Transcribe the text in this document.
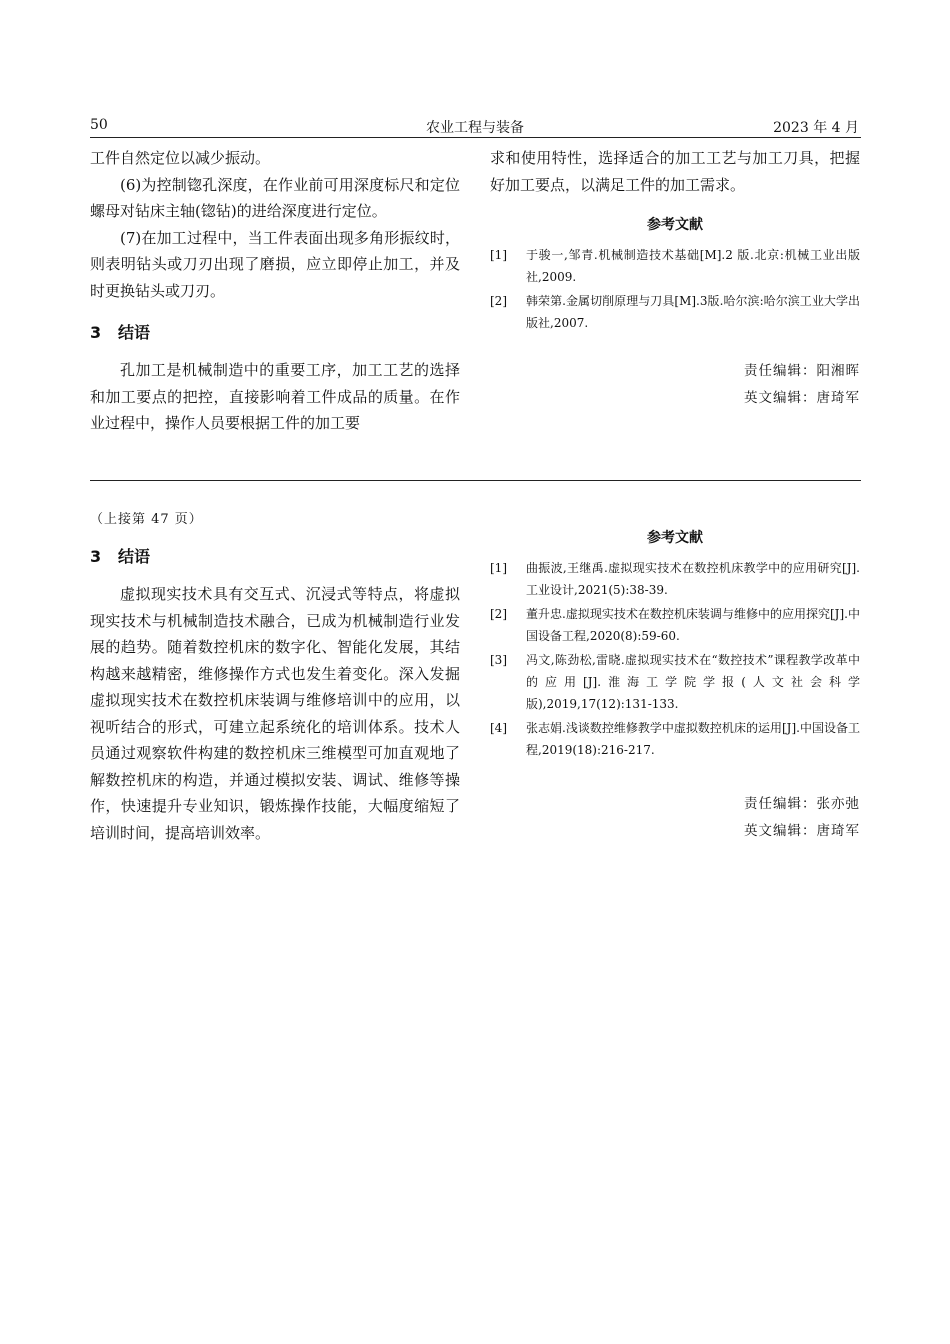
50	农业工程与装备	2023 年 4 月

工件自然定位以减少振动。

(6)为控制锪孔深度，在作业前可用深度标尺和定位螺母对钻床主轴(锪钻)的进给深度进行定位。

(7)在加工过程中，当工件表面出现多角形振纹时，则表明钻头或刀刃出现了磨损，应立即停止加工，并及时更换钻头或刀刃。

3 结语

孔加工是机械制造中的重要工序，加工工艺的选择和加工要点的把控，直接影响着工件成品的质量。在作业过程中，操作人员要根据工件的加工要

求和使用特性，选择适合的加工工艺与加工刀具，把握好加工要点，以满足工件的加工需求。

参考文献
[1] 于骏一,邹青.机械制造技术基础[M].2 版.北京:机械工业出版社,2009.
[2] 韩荣第.金属切削原理与刀具[M].3版.哈尔滨:哈尔滨工业大学出版社,2007.
责任编辑：阳湘晖
英文编辑：唐琦军
（上接第 47 页）
3 结语

虚拟现实技术具有交互式、沉浸式等特点，将虚拟现实技术与机械制造技术融合，已成为机械制造行业发展的趋势。随着数控机床的数字化、智能化发展，其结构越来越精密，维修操作方式也发生着变化。深入发掘虚拟现实技术在数控机床装调与维修培训中的应用，以视听结合的形式，可建立起系统化的培训体系。技术人员通过观察软件构建的数控机床三维模型可加直观地了解数控机床的构造，并通过模拟安装、调试、维修等操作，快速提升专业知识，锻炼操作技能，大幅度缩短了培训时间，提高培训效率。

参考文献
[1] 曲振波,王继禹.虚拟现实技术在数控机床教学中的应用研究[J].工业设计,2021(5):38-39.
[2] 董升忠.虚拟现实技术在数控机床装调与维修中的应用探究[J].中国设备工程,2020(8):59-60.
[3] 冯文,陈劲松,雷晓.虚拟现实技术在“数控技术”课程教学改革中的应用[J].淮海工学院学报(人文社会科学版),2019,17(12):131-133.
[4] 张志娟.浅谈数控维修教学中虚拟数控机床的运用[J].中国设备工程,2019(18):216-217.
责任编辑：张亦弛
英文编辑：唐琦军
